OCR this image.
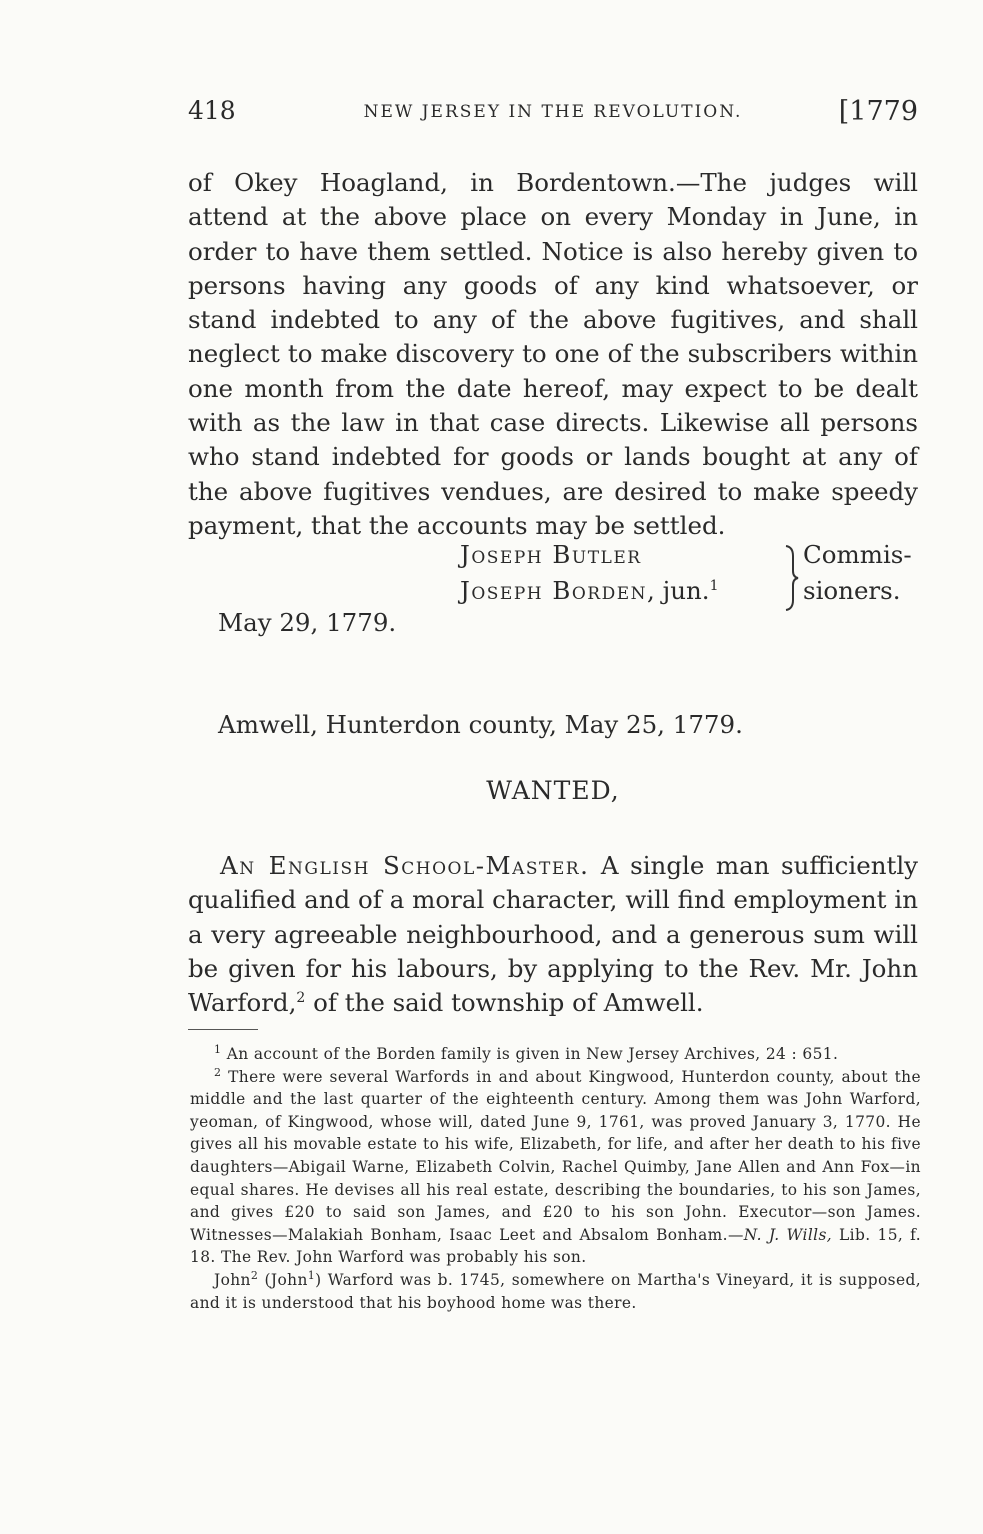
418	NEW JERSEY IN THE REVOLUTION.	[1779
of Okey Hoagland, in Bordentown.—The judges will attend at the above place on every Monday in June, in order to have them settled. Notice is also hereby given to persons having any goods of any kind whatsoever, or stand indebted to any of the above fugitives, and shall neglect to make discovery to one of the subscribers within one month from the date hereof, may expect to be dealt with as the law in that case directs. Likewise all persons who stand indebted for goods or lands bought at any of the above fugitives vendues, are desired to make speedy payment, that the accounts may be settled.
Joseph Butler
Joseph Borden, jun.$^1$
Commis-
sioners.
May 29, 1779.
Amwell, Hunterdon county, May 25, 1779.
WANTED,
An English School-Master. A single man sufficiently qualified and of a moral character, will find employment in a very agreeable neighbourhood, and a generous sum will be given for his labours, by applying to the Rev. Mr. John Warford,$^2$ of the said township of Amwell.

$^1$ An account of the Borden family is given in New Jersey Archives, 24 : 651.

$^2$ There were several Warfords in and about Kingwood, Hunterdon county, about the middle and the last quarter of the eighteenth century. Among them was John Warford, yeoman, of Kingwood, whose will, dated June 9, 1761, was proved January 3, 1770. He gives all his movable estate to his wife, Elizabeth, for life, and after her death to his five daughters—Abigail Warne, Elizabeth Colvin, Rachel Quimby, Jane Allen and Ann Fox—in equal shares. He devises all his real estate, describing the boundaries, to his son James, and gives £20 to said son James, and £20 to his son John. Executor—son James. Witnesses—Malakiah Bonham, Isaac Leet and Absalom Bonham.—N. J. Wills, Lib. 15, f. 18. The Rev. John Warford was probably his son.

John$^2$ (John$^1$) Warford was b. 1745, somewhere on Martha's Vineyard, it is supposed, and it is understood that his boyhood home was there.
